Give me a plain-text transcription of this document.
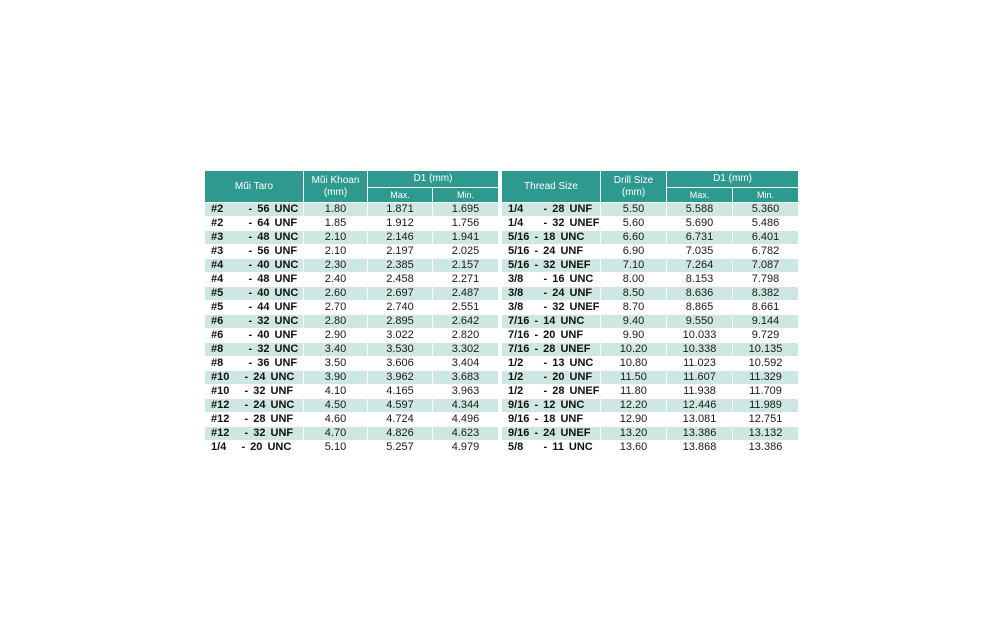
Mũi Taro	Mũi Khoan (mm)	D1 (mm)	
		Max.	Min.
#2     - 56 UNC	1.80	1.871	1.695
#2     - 64 UNF	1.85	1.912	1.756
#3     - 48 UNC	2.10	2.146	1.941
#3     - 56 UNF	2.10	2.197	2.025
#4     - 40 UNC	2.30	2.385	2.157
#4     - 48 UNF	2.40	2.458	2.271
#5     - 40 UNC	2.60	2.697	2.487
#5     - 44 UNF	2.70	2.740	2.551
#6     - 32 UNC	2.80	2.895	2.642
#6     - 40 UNF	2.90	3.022	2.820
#8     - 32 UNC	3.40	3.530	3.302
#8     - 36 UNF	3.50	3.606	3.404
#10   - 24 UNC	3.90	3.962	3.683
#10   - 32 UNF	4.10	4.165	3.963
#12   - 24 UNC	4.50	4.597	4.344
#12   - 28 UNF	4.60	4.724	4.496
#12   - 32 UNF	4.70	4.826	4.623
1/4   - 20 UNC	5.10	5.257	4.979
Thread Size	Drill Size (mm)	D1 (mm)	
		Max.	Min.
1/4    - 28 UNF	5.50	5.588	5.360
1/4    - 32 UNEF	5.60	5.690	5.486
5/16 - 18 UNC	6.60	6.731	6.401
5/16 - 24 UNF	6.90	7.035	6.782
5/16 - 32 UNEF	7.10	7.264	7.087
3/8    - 16 UNC	8.00	8.153	7.798
3/8    - 24 UNF	8.50	8.636	8.382
3/8    - 32 UNEF	8.70	8.865	8.661
7/16 - 14 UNC	9.40	9.550	9.144
7/16 - 20 UNF	9.90	10.033	9.729
7/16 - 28 UNEF	10.20	10.338	10.135
1/2    - 13 UNC	10.80	11.023	10.592
1/2    - 20 UNF	11.50	11.607	11.329
1/2    - 28 UNEF	11.80	11.938	11.709
9/16 - 12 UNC	12.20	12.446	11.989
9/16 - 18 UNF	12.90	13.081	12.751
9/16 - 24 UNEF	13.20	13.386	13.132
5/8    - 11 UNC	13.60	13.868	13.386
